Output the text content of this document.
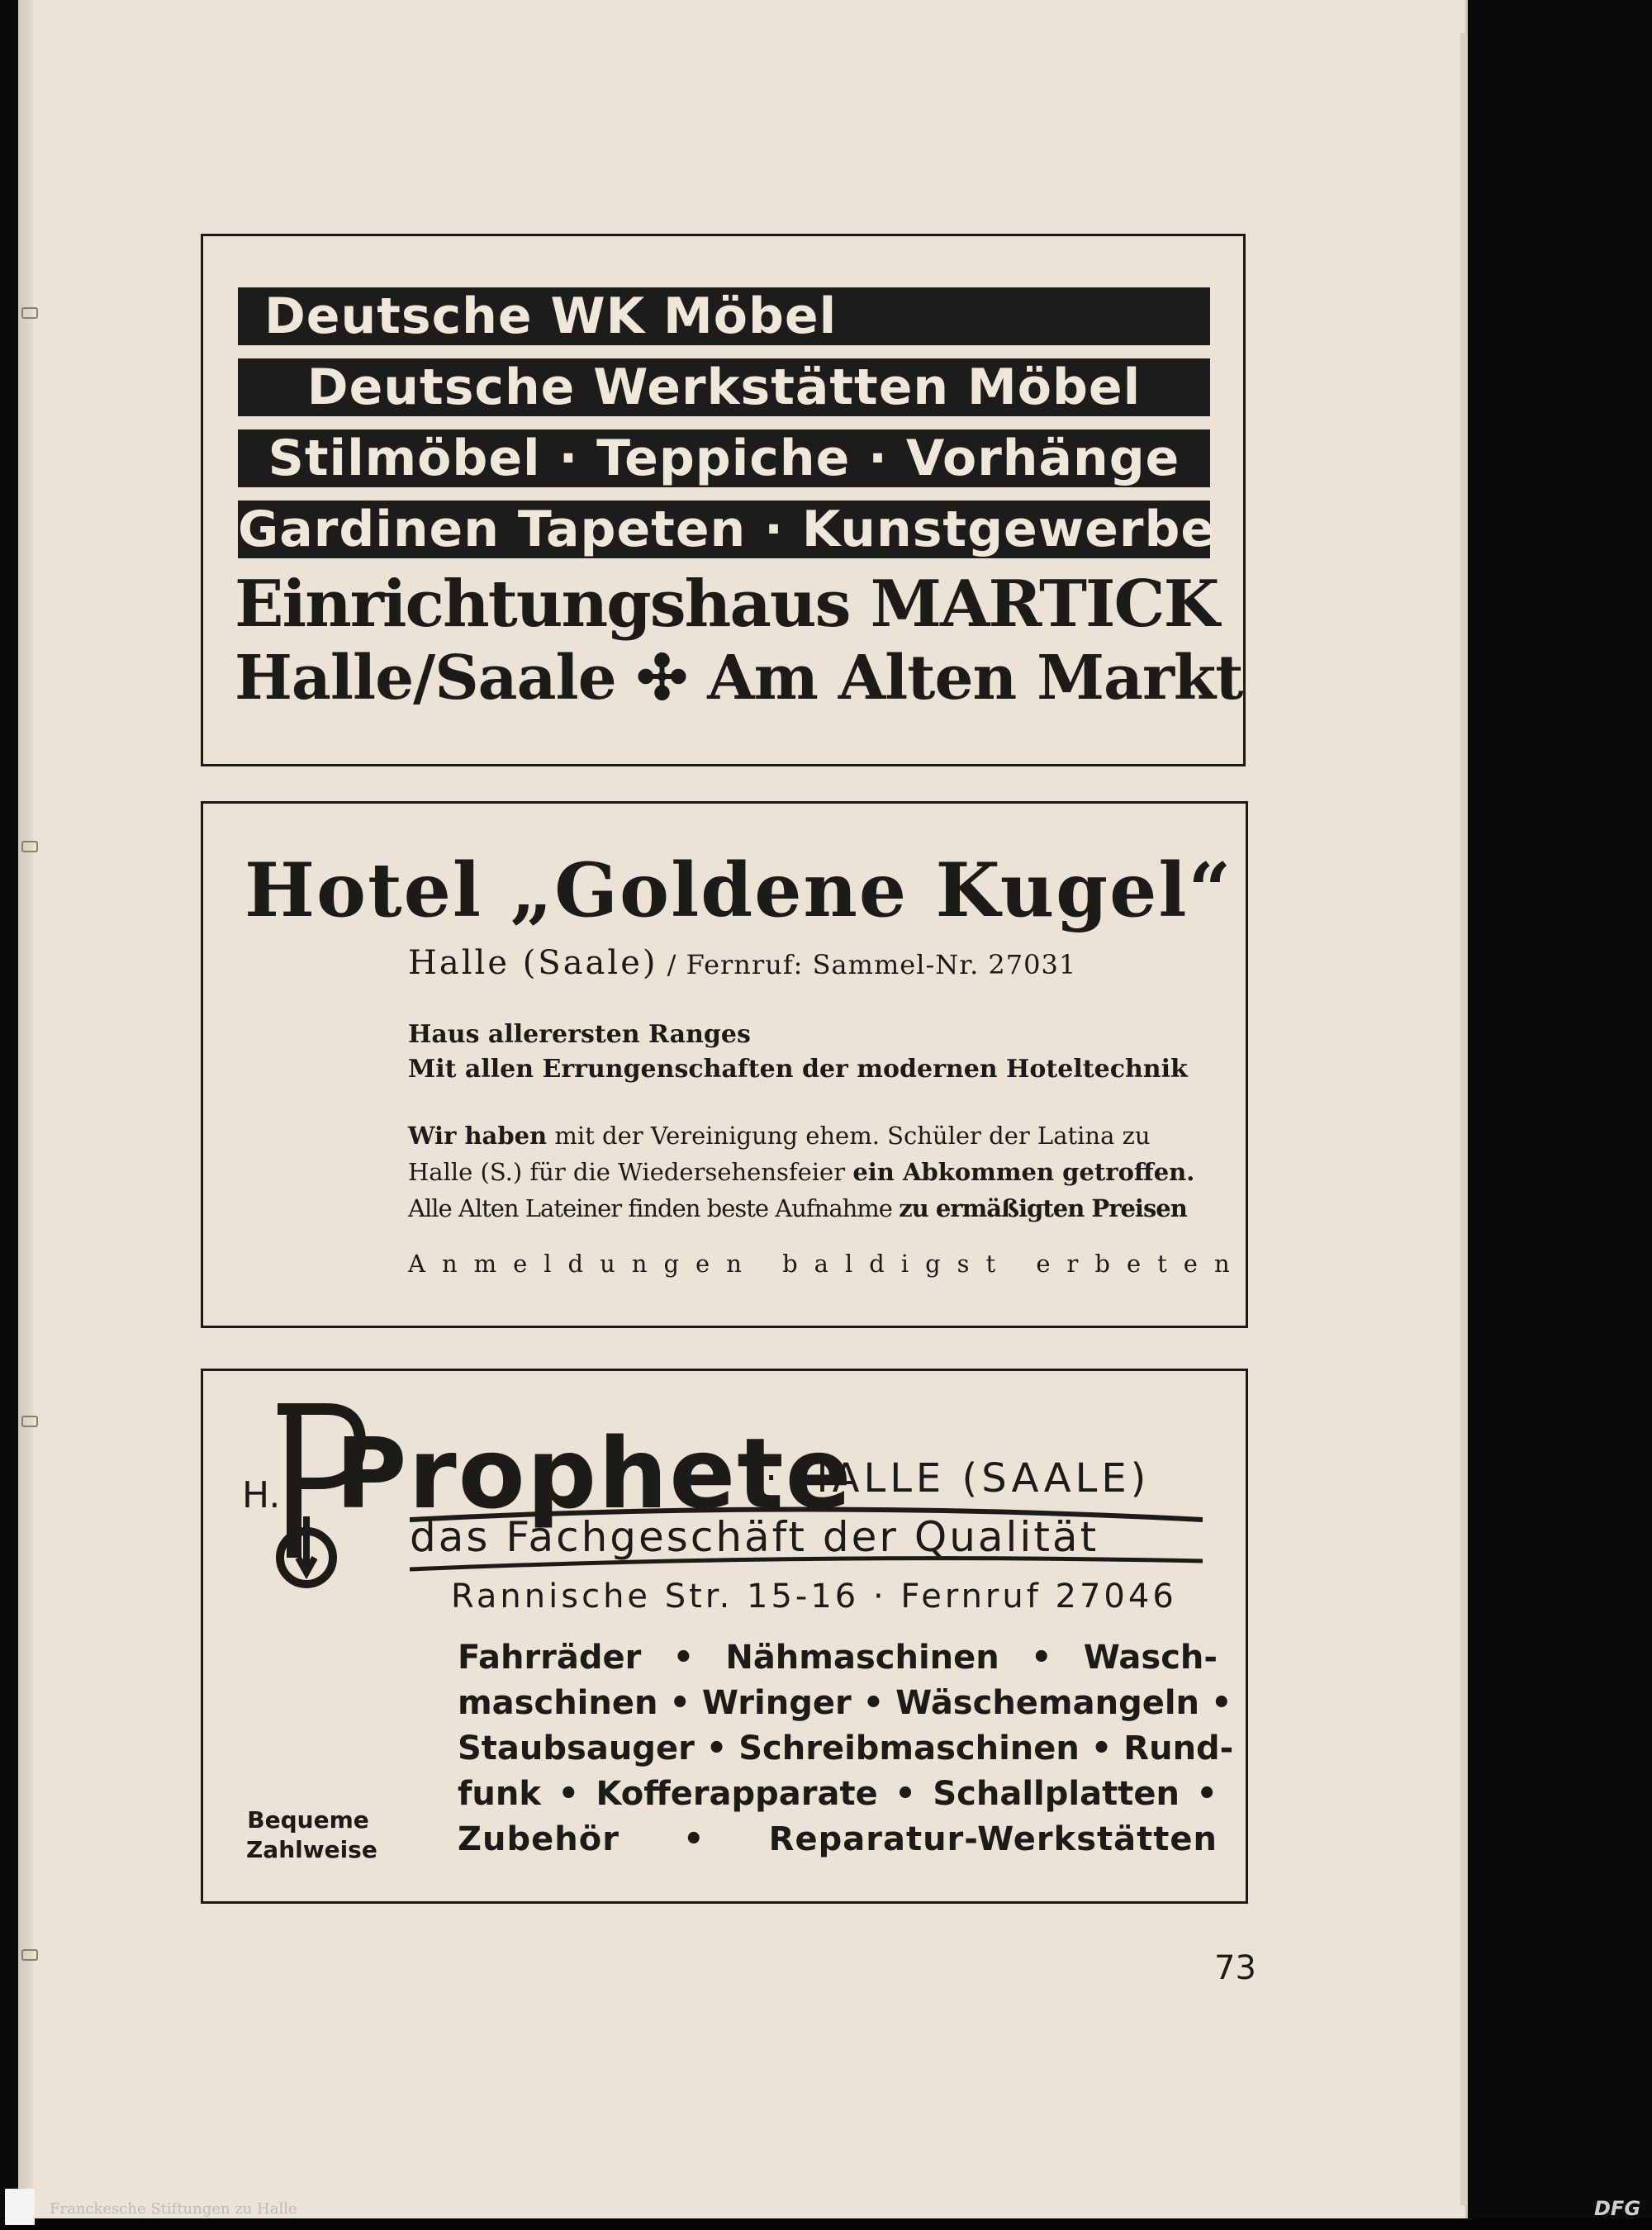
Deutsche WK Möbel
Deutsche Werkstätten Möbel
Stilmöbel · Teppiche · Vorhänge
Gardinen Tapeten · Kunstgewerbe
Einrichtungshaus MARTICK
Halle/Saale ✣ Am Alten Markt
Hotel „Goldene Kugel“
Halle (Saale) / Fernruf: Sammel-Nr. 27031
Haus allerersten Ranges
Mit allen Errungenschaften der modernen Hoteltechnik
Wir haben mit der Vereinigung ehem. Schüler der Latina zu
Halle (S.) für die Wiedersehensfeier ein Abkommen getroffen.
Alle Alten Lateiner finden beste Aufnahme zu ermäßigten Preisen
Anmeldungen baldigst erbeten
H. Prophete
· HALLE (SAALE)
das Fachgeschäft der Qualität
Rannische Str. 15-16 · Fernruf 27046
Fahrräder • Nähmaschinen • Wasch-
maschinen • Wringer • Wäschemangeln •
Staubsauger • Schreibmaschinen • Rund-
funk • Kofferapparate • Schallplatten •
Zubehör • Reparatur-Werkstätten
Bequeme
Zahlweise
73
Franckesche Stiftungen zu Halle	DFG
